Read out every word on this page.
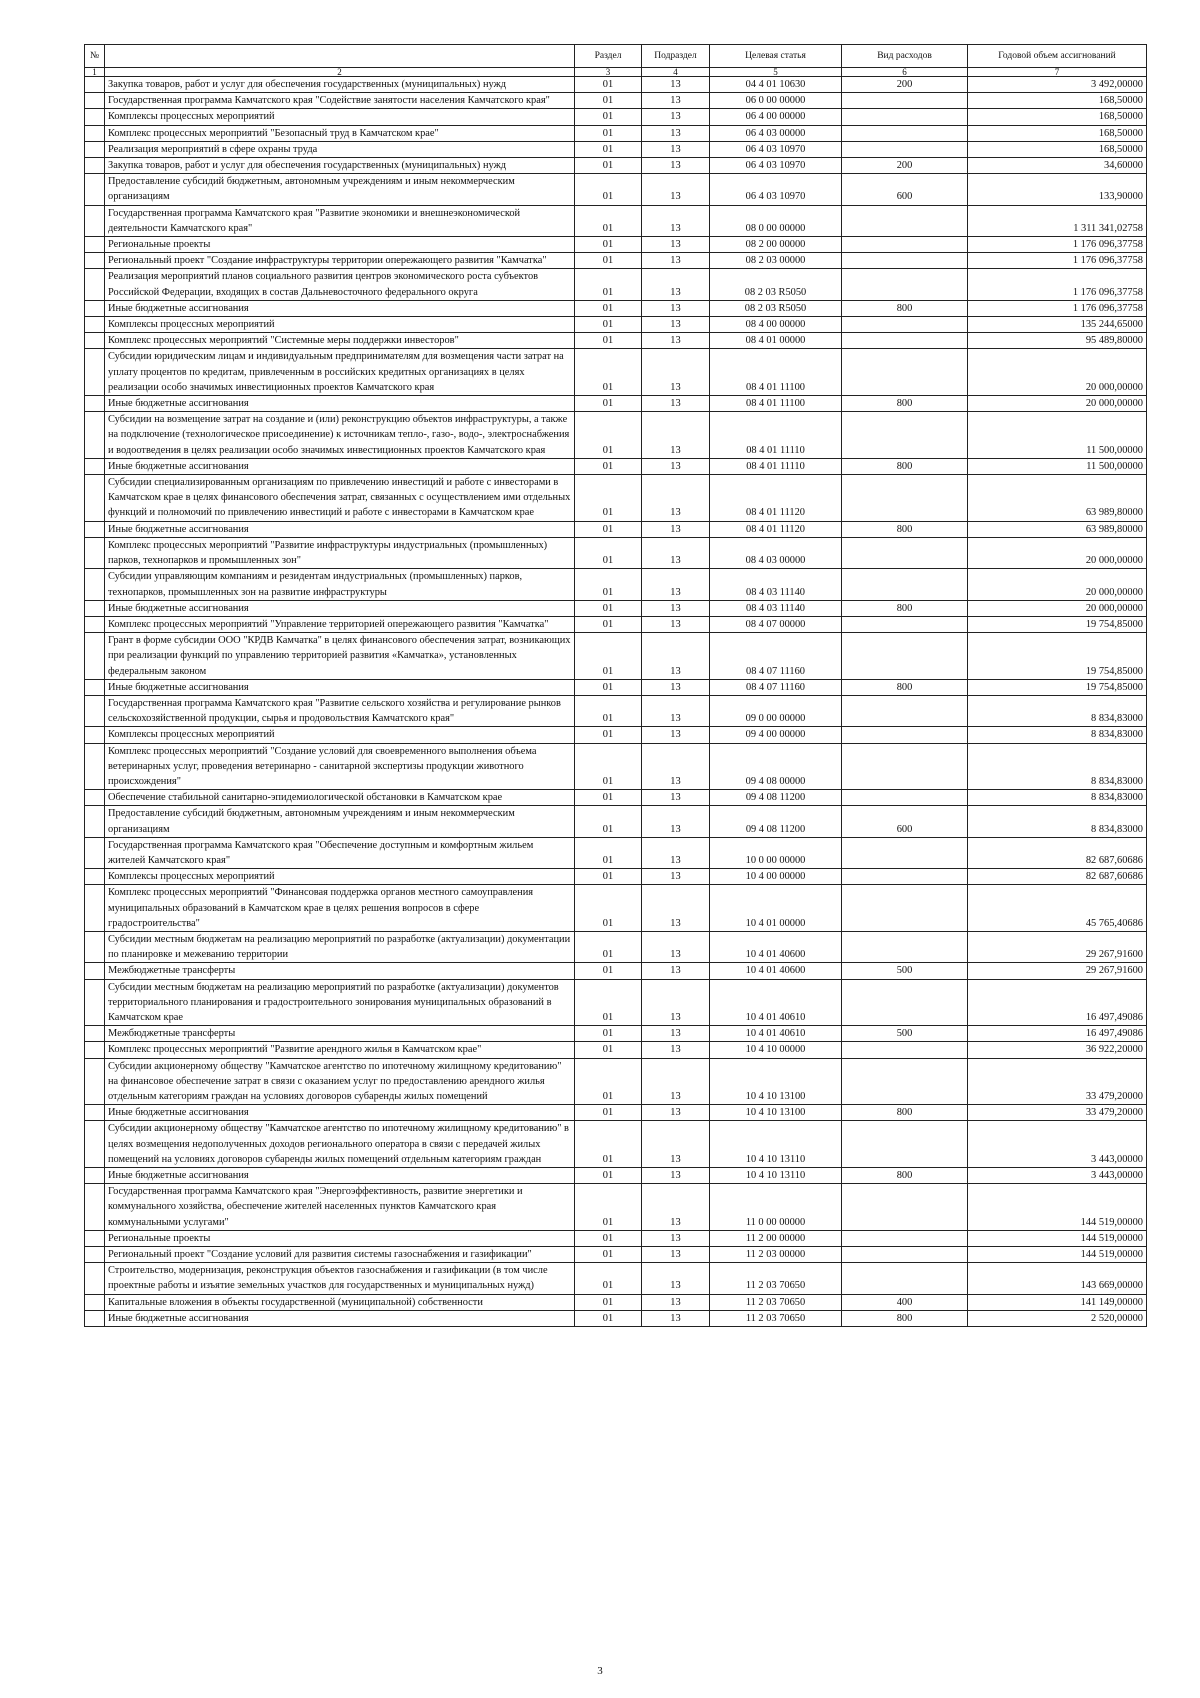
№		Раздел	Подраздел	Целевая статья	Вид расходов	Годовой объем ассигнований
1	2	3	4	5	6	7
	Закупка товаров, работ и услуг для обеспечения государственных (муниципальных) нужд	01	13	04 4 01 10630	200	3 492,00000
	Государственная программа Камчатского края "Содействие занятости населения Камчатского края"	01	13	06 0 00 00000		168,50000
	Комплексы процессных мероприятий	01	13	06 4 00 00000		168,50000
	Комплекс процессных мероприятий "Безопасный труд в Камчатском крае"	01	13	06 4 03 00000		168,50000
	Реализация мероприятий в сфере охраны труда	01	13	06 4 03 10970		168,50000
	Закупка товаров, работ и услуг для обеспечения государственных (муниципальных) нужд	01	13	06 4 03 10970	200	34,60000
	Предоставление субсидий бюджетным, автономным учреждениям и иным некоммерческим организациям	01	13	06 4 03 10970	600	133,90000
	Государственная программа Камчатского края "Развитие экономики и внешнеэкономической деятельности Камчатского края"	01	13	08 0 00 00000		1 311 341,02758
	Региональные проекты	01	13	08 2 00 00000		1 176 096,37758
	Региональный проект "Создание инфраструктуры территории опережающего развития "Камчатка"	01	13	08 2 03 00000		1 176 096,37758
	Реализация мероприятий планов социального развития центров экономического роста субъектов Российской Федерации, входящих в состав Дальневосточного федерального округа	01	13	08 2 03 R5050		1 176 096,37758
	Иные бюджетные ассигнования	01	13	08 2 03 R5050	800	1 176 096,37758
	Комплексы процессных мероприятий	01	13	08 4 00 00000		135 244,65000
	Комплекс процессных мероприятий "Системные меры поддержки инвесторов"	01	13	08 4 01 00000		95 489,80000
	Субсидии юридическим лицам и индивидуальным предпринимателям для возмещения части затрат на уплату процентов по кредитам, привлеченным в российских кредитных организациях в целях реализации особо значимых инвестиционных проектов Камчатского края	01	13	08 4 01 11100		20 000,00000
	Иные бюджетные ассигнования	01	13	08 4 01 11100	800	20 000,00000
	Субсидии на возмещение затрат на создание и (или) реконструкцию объектов инфраструктуры, а также на подключение (технологическое присоединение) к источникам тепло-, газо-, водо-, электроснабжения и водоотведения в целях реализации особо значимых инвестиционных проектов Камчатского края	01	13	08 4 01 11110		11 500,00000
	Иные бюджетные ассигнования	01	13	08 4 01 11110	800	11 500,00000
	Субсидии специализированным организациям по привлечению инвестиций и работе с инвесторами в Камчатском крае в целях финансового обеспечения затрат, связанных с осуществлением ими отдельных функций и полномочий по привлечению инвестиций и работе с инвесторами в Камчатском крае	01	13	08 4 01 11120		63 989,80000
	Иные бюджетные ассигнования	01	13	08 4 01 11120	800	63 989,80000
	Комплекс процессных мероприятий "Развитие инфраструктуры индустриальных (промышленных) парков, технопарков и промышленных зон"	01	13	08 4 03 00000		20 000,00000
	Субсидии управляющим компаниям и резидентам индустриальных (промышленных) парков, технопарков, промышленных зон на развитие инфраструктуры	01	13	08 4 03 11140		20 000,00000
	Иные бюджетные ассигнования	01	13	08 4 03 11140	800	20 000,00000
	Комплекс процессных мероприятий "Управление территорией опережающего развития "Камчатка"	01	13	08 4 07 00000		19 754,85000
	Грант в форме субсидии ООО "КРДВ Камчатка" в целях финансового обеспечения затрат, возникающих при реализации функций по управлению территорией развития «Камчатка», установленных федеральным законом	01	13	08 4 07 11160		19 754,85000
	Иные бюджетные ассигнования	01	13	08 4 07 11160	800	19 754,85000
	Государственная программа Камчатского края "Развитие сельского хозяйства и регулирование рынков сельскохозяйственной продукции, сырья и продовольствия Камчатского края"	01	13	09 0 00 00000		8 834,83000
	Комплексы процессных мероприятий	01	13	09 4 00 00000		8 834,83000
	Комплекс процессных мероприятий "Создание условий для своевременного выполнения объема ветеринарных услуг, проведения ветеринарно - санитарной экспертизы продукции животного происхождения"	01	13	09 4 08 00000		8 834,83000
	Обеспечение стабильной санитарно-эпидемиологической обстановки в Камчатском крае	01	13	09 4 08 11200		8 834,83000
	Предоставление субсидий бюджетным, автономным учреждениям и иным некоммерческим организациям	01	13	09 4 08 11200	600	8 834,83000
	Государственная программа Камчатского края "Обеспечение доступным и комфортным жильем жителей Камчатского края"	01	13	10 0 00 00000		82 687,60686
	Комплексы процессных мероприятий	01	13	10 4 00 00000		82 687,60686
	Комплекс процессных мероприятий "Финансовая поддержка органов местного самоуправления муниципальных образований в Камчатском крае в целях решения вопросов в сфере градостроительства"	01	13	10 4 01 00000		45 765,40686
	Субсидии местным бюджетам на реализацию мероприятий по разработке (актуализации) документации по планировке и межеванию территории	01	13	10 4 01 40600		29 267,91600
	Межбюджетные трансферты	01	13	10 4 01 40600	500	29 267,91600
	Субсидии местным бюджетам на реализацию мероприятий по разработке (актуализации) документов территориального планирования и градостроительного зонирования муниципальных образований в Камчатском крае	01	13	10 4 01 40610		16 497,49086
	Межбюджетные трансферты	01	13	10 4 01 40610	500	16 497,49086
	Комплекс процессных мероприятий "Развитие арендного жилья в Камчатском крае"	01	13	10 4 10 00000		36 922,20000
	Субсидии акционерному обществу "Камчатское агентство по ипотечному жилищному кредитованию" на финансовое обеспечение затрат в связи с оказанием услуг по предоставлению арендного жилья отдельным категориям граждан на условиях договоров субаренды жилых помещений	01	13	10 4 10 13100		33 479,20000
	Иные бюджетные ассигнования	01	13	10 4 10 13100	800	33 479,20000
	Субсидии акционерному обществу "Камчатское агентство по ипотечному жилищному кредитованию" в целях возмещения недополученных доходов регионального оператора в связи с передачей жилых помещений на условиях договоров субаренды жилых помещений отдельным категориям граждан	01	13	10 4 10 13110		3 443,00000
	Иные бюджетные ассигнования	01	13	10 4 10 13110	800	3 443,00000
	Государственная программа Камчатского края "Энергоэффективность, развитие энергетики и коммунального хозяйства, обеспечение жителей населенных пунктов Камчатского края коммунальными услугами"	01	13	11 0 00 00000		144 519,00000
	Региональные проекты	01	13	11 2 00 00000		144 519,00000
	Региональный проект "Создание условий для развития системы газоснабжения и газификации"	01	13	11 2 03 00000		144 519,00000
	Строительство, модернизация, реконструкция объектов газоснабжения и газификации (в том числе проектные работы и изъятие земельных участков для государственных и муниципальных нужд)	01	13	11 2 03 70650		143 669,00000
	Капитальные вложения в объекты государственной (муниципальной) собственности	01	13	11 2 03 70650	400	141 149,00000
	Иные бюджетные ассигнования	01	13	11 2 03 70650	800	2 520,00000
3
